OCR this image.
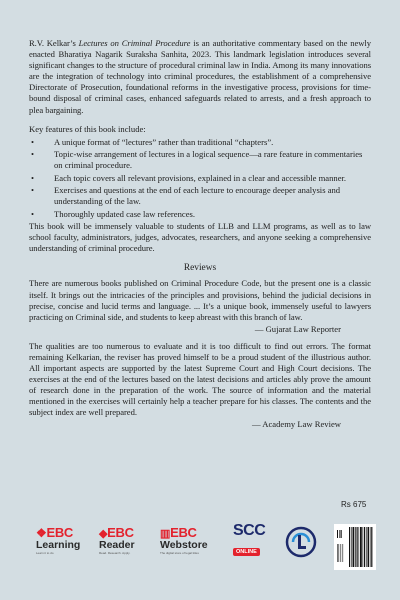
R.V. Kelkar’s Lectures on Criminal Procedure is an authoritative commentary based on the newly enacted Bharatiya Nagarik Suraksha Sanhita, 2023. This landmark legislation introduces several significant changes to the structure of procedural criminal law in India. Among its many innovations are the integration of technology into criminal procedures, the establishment of a comprehensive Directorate of Prosecution, foundational reforms in the investigative process, provisions for time-bound disposal of criminal cases, enhanced safeguards related to arrests, and a fresh approach to plea bargaining.

Key features of this book include:
• A unique format of “lectures” rather than traditional “chapters”.
• Topic-wise arrangement of lectures in a logical sequence—a rare feature in commentaries on criminal procedure.
• Each topic covers all relevant provisions, explained in a clear and accessible manner.
• Exercises and questions at the end of each lecture to encourage deeper analysis and understanding of the law.
• Thoroughly updated case law references.

This book will be immensely valuable to students of LLB and LLM programs, as well as to law school faculty, administrators, judges, advocates, researchers, and anyone seeking a comprehensive understanding of criminal procedure.

Reviews

There are numerous books published on Criminal Procedure Code, but the present one is a classic itself. It brings out the intricacies of the principles and provisions, behind the judicial decisions in precise, concise and lucid terms and language. ... It’s a unique book, immensely useful to lawyers practicing on Criminal side, and students to keep abreast with this branch of law.

— Gujarat Law Reporter

The qualities are too numerous to evaluate and it is too difficult to find out errors. The format remaining Kelkarian, the reviser has proved himself to be a proud student of the illustrious author. All important aspects are supported by the latest Supreme Court and High Court decisions. The exercises at the end of the lectures based on the latest decisions and articles ably prove the amount of research done in the preparation of the work. The source of information and the material mentioned in the exercises will certainly help a teacher prepare for his classes. The contents and the subject index are well prepared.

— Academy Law Review
Rs 675
❖EBC
Learning
Learn it to do
◆EBC
Reader
Read. Research. Apply.
▥EBC
Webstore
The digital store of legal titles
SCC
ONLINE
